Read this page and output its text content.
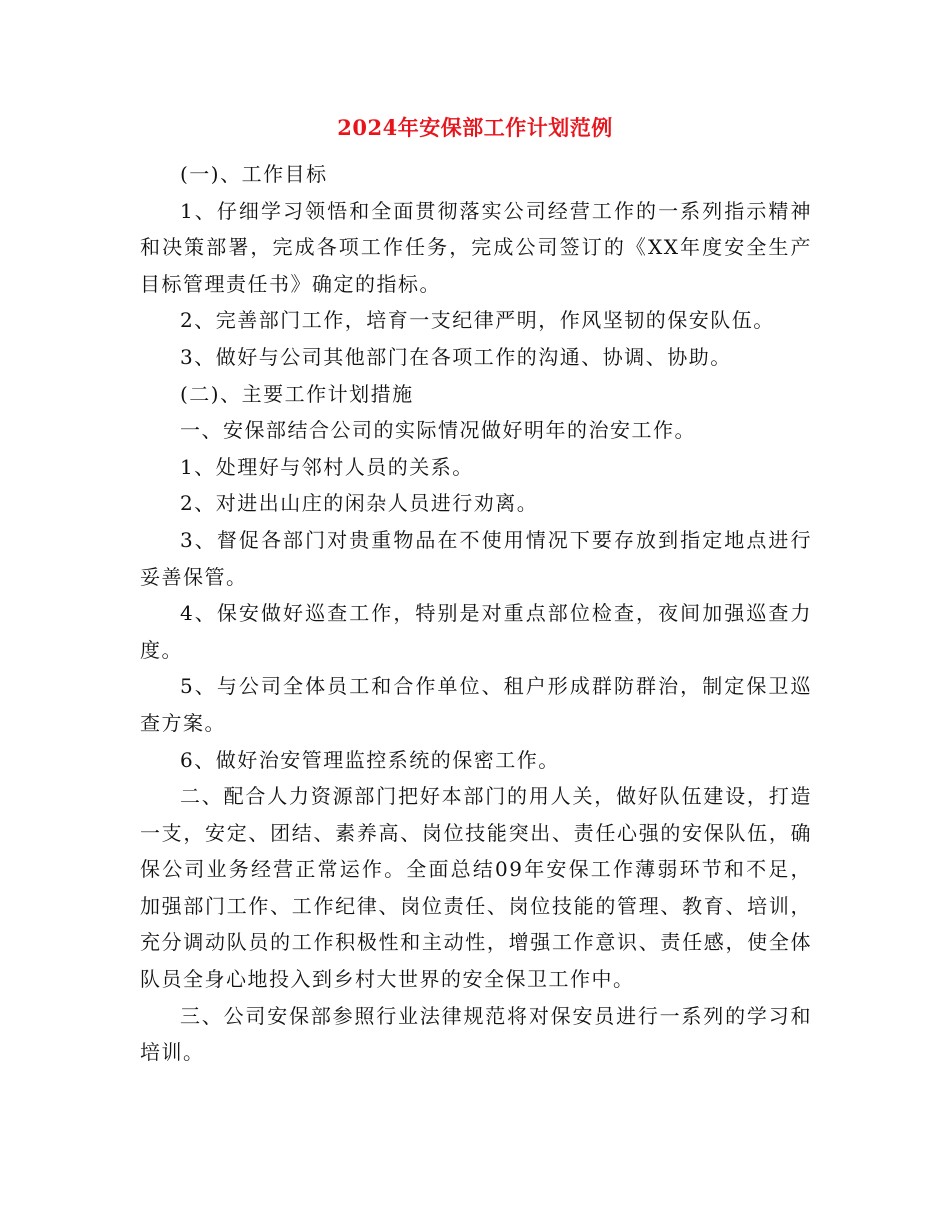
2024年安保部工作计划范例

(一)、工作目标

1、仔细学习领悟和全面贯彻落实公司经营工作的一系列指示精神和决策部署，完成各项工作任务，完成公司签订的《XX年度安全生产目标管理责任书》确定的指标。

2、完善部门工作，培育一支纪律严明，作风坚韧的保安队伍。

3、做好与公司其他部门在各项工作的沟通、协调、协助。

(二)、主要工作计划措施

一、安保部结合公司的实际情况做好明年的治安工作。

1、处理好与邻村人员的关系。

2、对进出山庄的闲杂人员进行劝离。

3、督促各部门对贵重物品在不使用情况下要存放到指定地点进行妥善保管。

4、保安做好巡查工作，特别是对重点部位检查，夜间加强巡查力度。

5、与公司全体员工和合作单位、租户形成群防群治，制定保卫巡查方案。

6、做好治安管理监控系统的保密工作。

二、配合人力资源部门把好本部门的用人关，做好队伍建设，打造一支，安定、团结、素养高、岗位技能突出、责任心强的安保队伍，确保公司业务经营正常运作。全面总结09年安保工作薄弱环节和不足，加强部门工作、工作纪律、岗位责任、岗位技能的管理、教育、培训，充分调动队员的工作积极性和主动性，增强工作意识、责任感，使全体队员全身心地投入到乡村大世界的安全保卫工作中。

三、公司安保部参照行业法律规范将对保安员进行一系列的学习和培训。
